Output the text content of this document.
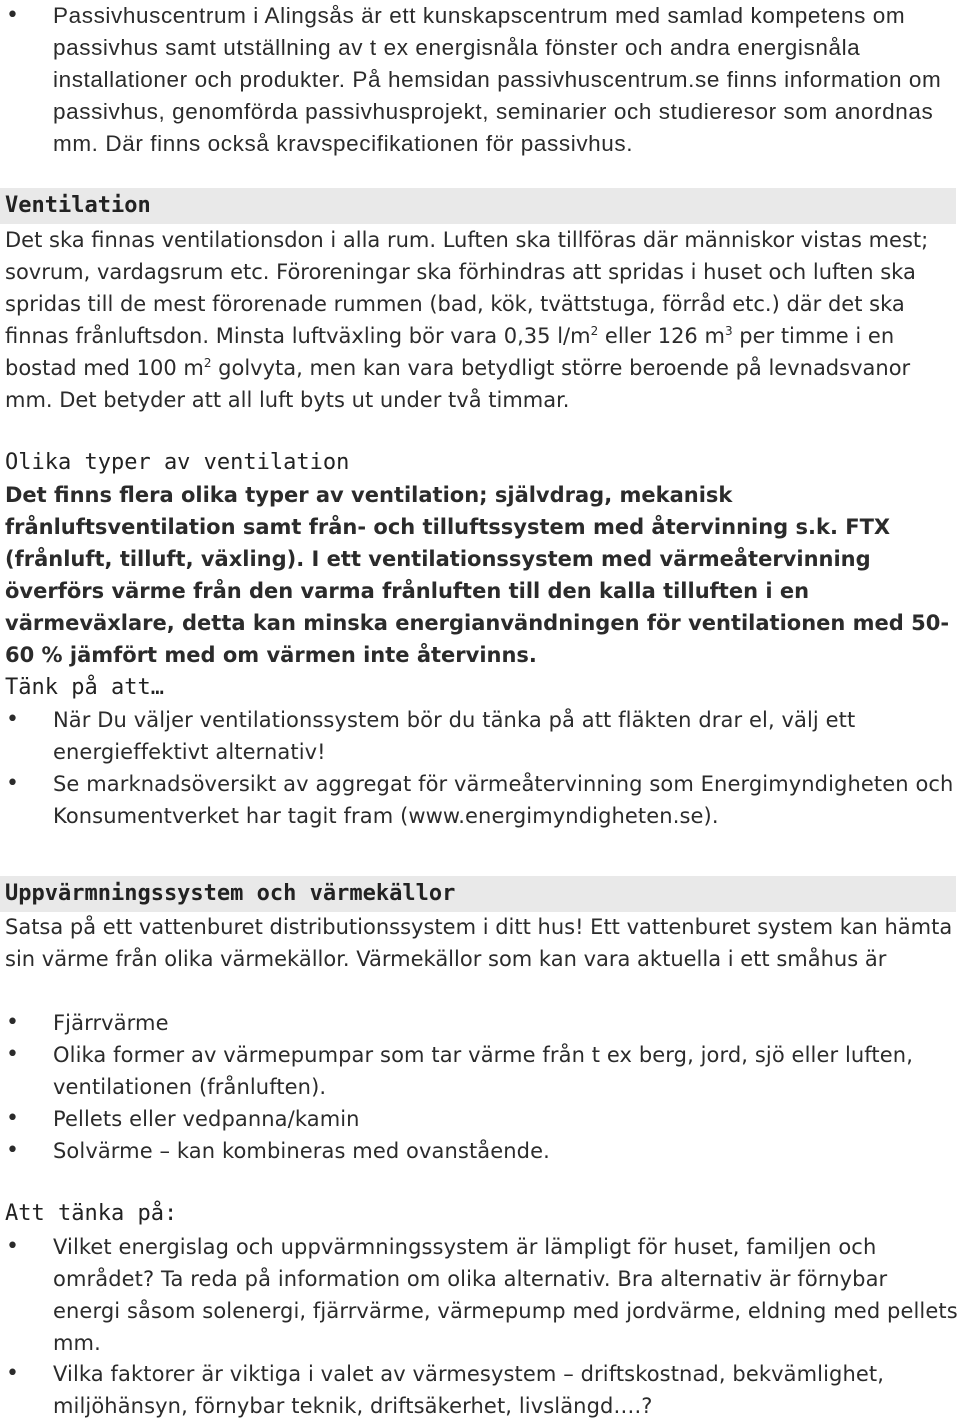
• Passivhuscentrum i Alingsås är ett kunskapscentrum med samlad kompetens om passivhus samt utställning av t ex energisnåla fönster och andra energisnåla installationer och produkter. På hemsidan passivhuscentrum.se finns information om passivhus, genomförda passivhusprojekt, seminarier och studieresor som anordnas mm. Där finns också kravspecifikationen för passivhus.
Ventilation
Det ska finnas ventilationsdon i alla rum. Luften ska tillföras där människor vistas mest; sovrum, vardagsrum etc. Föroreningar ska förhindras att spridas i huset och luften ska spridas till de mest förorenade rummen (bad, kök, tvättstuga, förråd etc.) där det ska finnas frånluftsdon. Minsta luftväxling bör vara 0,35 $l/m^2$ eller 126 $m^3$ per timme i en bostad med 100 $m^2$ golvyta, men kan vara betydligt större beroende på levnadsvanor mm. Det betyder att all luft byts ut under två timmar.
Olika typer av ventilation
Det finns flera olika typer av ventilation; självdrag, mekanisk frånluftsventilation samt från- och tilluftssystem med återvinning s.k. FTX (frånluft, tilluft, växling). I ett ventilationssystem med värmeåtervinning överförs värme från den varma frånluften till den kalla tilluften i en värmeväxlare, detta kan minska energianvändningen för ventilationen med 50-60 % jämfört med om värmen inte återvinns.
Tänk på att…
• När Du väljer ventilationssystem bör du tänka på att fläkten drar el, välj ett energieffektivt alternativ!
• Se marknadsöversikt av aggregat för värmeåtervinning som Energimyndigheten och Konsumentverket har tagit fram (www.energimyndigheten.se).
Uppvärmningssystem och värmekällor
Satsa på ett vattenburet distributionssystem i ditt hus! Ett vattenburet system kan hämta sin värme från olika värmekällor. Värmekällor som kan vara aktuella i ett småhus är
• Fjärrvärme
• Olika former av värmepumpar som tar värme från t ex berg, jord, sjö eller luften, ventilationen (frånluften).
• Pellets eller vedpanna/kamin
• Solvärme – kan kombineras med ovanstående.
Att tänka på:
• Vilket energislag och uppvärmningssystem är lämpligt för huset, familjen och området? Ta reda på information om olika alternativ. Bra alternativ är förnybar energi såsom solenergi, fjärrvärme, värmepump med jordvärme, eldning med pellets mm.
• Vilka faktorer är viktiga i valet av värmesystem – driftskostnad, bekvämlighet, miljöhänsyn, förnybar teknik, driftsäkerhet, livslängd….?
